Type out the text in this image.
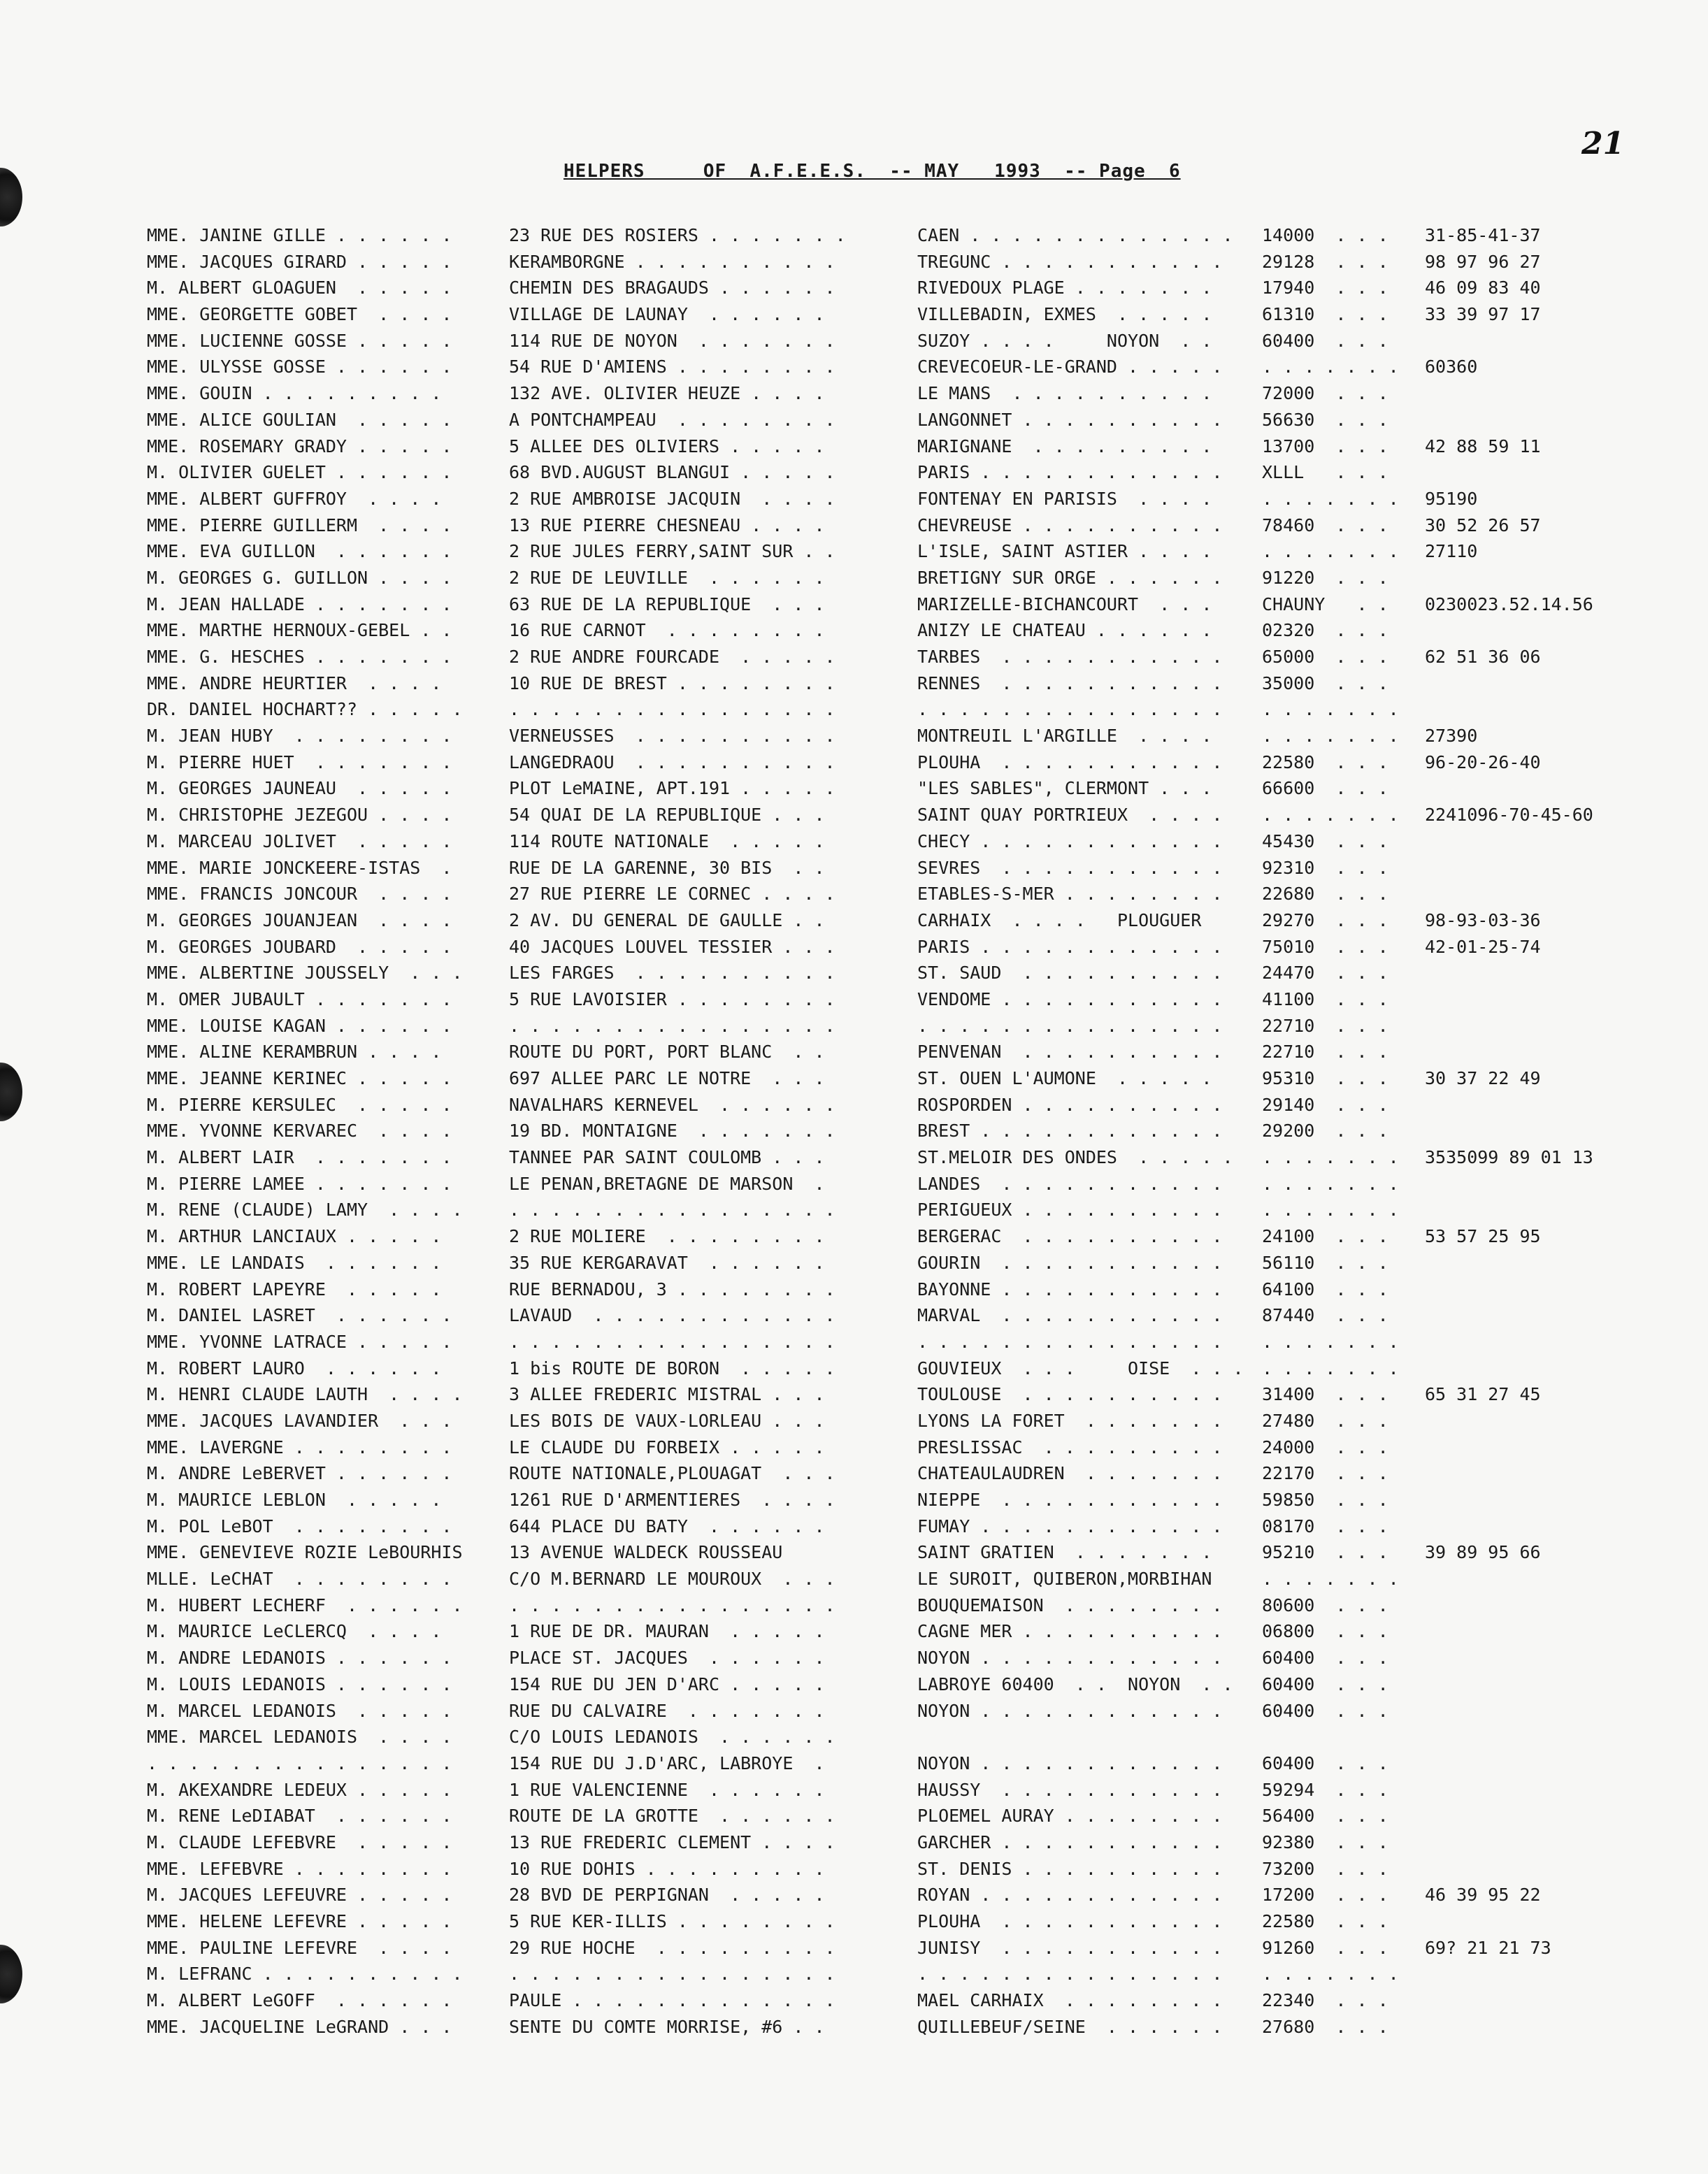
21
HELPERS     OF  A.F.E.E.S.  -- MAY   1993  -- Page  6
MME. JANINE GILLE . . . . . .	23 RUE DES ROSIERS . . . . . . .	CAEN . . . . . . . . . . . . .	14000  . . .	31-85-41-37
MME. JACQUES GIRARD . . . . .	KERAMBORGNE . . . . . . . . . .	TREGUNC . . . . . . . . . . .	29128  . . .	98 97 96 27
M. ALBERT GLOAGUEN  . . . . .	CHEMIN DES BRAGAUDS . . . . . .	RIVEDOUX PLAGE . . . . . . .	17940  . . .	46 09 83 40
MME. GEORGETTE GOBET  . . . .	VILLAGE DE LAUNAY  . . . . . .	VILLEBADIN, EXMES  . . . . .	61310  . . .	33 39 97 17
MME. LUCIENNE GOSSE . . . . .	114 RUE DE NOYON  . . . . . . .	SUZOY . . . .     NOYON  . .	60400  . . .
MME. ULYSSE GOSSE . . . . . .	54 RUE D'AMIENS . . . . . . . .	CREVECOEUR-LE-GRAND . . . . .	. . . . . . .	60360
MME. GOUIN . . . . . . . . .	132 AVE. OLIVIER HEUZE . . . .	LE MANS  . . . . . . . . . .	72000  . . .
MME. ALICE GOULIAN  . . . . .	A PONTCHAMPEAU  . . . . . . . .	LANGONNET . . . . . . . . . .	56630  . . .
MME. ROSEMARY GRADY . . . . .	5 ALLEE DES OLIVIERS . . . . .	MARIGNANE  . . . . . . . . .	13700  . . .	42 88 59 11
M. OLIVIER GUELET . . . . . .	68 BVD.AUGUST BLANGUI . . . . .	PARIS . . . . . . . . . . . .	XLLL   . . .
MME. ALBERT GUFFROY  . . . .	2 RUE AMBROISE JACQUIN  . . . .	FONTENAY EN PARISIS  . . . .	. . . . . . .	95190
MME. PIERRE GUILLERM  . . . .	13 RUE PIERRE CHESNEAU . . . .	CHEVREUSE . . . . . . . . . .	78460  . . .	30 52 26 57
MME. EVA GUILLON  . . . . . .	2 RUE JULES FERRY,SAINT SUR . .	L'ISLE, SAINT ASTIER . . . .	. . . . . . .	27110
M. GEORGES G. GUILLON . . . .	2 RUE DE LEUVILLE  . . . . . .	BRETIGNY SUR ORGE . . . . . .	91220  . . .
M. JEAN HALLADE . . . . . . .	63 RUE DE LA REPUBLIQUE  . . .	MARIZELLE-BICHANCOURT  . . .	CHAUNY   . .	0230023.52.14.56
MME. MARTHE HERNOUX-GEBEL . .	16 RUE CARNOT  . . . . . . . .	ANIZY LE CHATEAU . . . . . .	02320  . . .
MME. G. HESCHES . . . . . . .	2 RUE ANDRE FOURCADE  . . . . .	TARBES  . . . . . . . . . . .	65000  . . .	62 51 36 06
MME. ANDRE HEURTIER  . . . .	10 RUE DE BREST . . . . . . . .	RENNES  . . . . . . . . . . .	35000  . . .
DR. DANIEL HOCHART?? . . . . .	. . . . . . . . . . . . . . . .	. . . . . . . . . . . . . . .	. . . . . . .
M. JEAN HUBY  . . . . . . . .	VERNEUSSES  . . . . . . . . . .	MONTREUIL L'ARGILLE  . . . .	. . . . . . .	27390
M. PIERRE HUET  . . . . . . .	LANGEDRAOU  . . . . . . . . . .	PLOUHA  . . . . . . . . . . .	22580  . . .	96-20-26-40
M. GEORGES JAUNEAU  . . . . .	PLOT LeMAINE, APT.191 . . . . .	"LES SABLES", CLERMONT . . .	66600  . . .
M. CHRISTOPHE JEZEGOU . . . .	54 QUAI DE LA REPUBLIQUE . . .	SAINT QUAY PORTRIEUX  . . . .	. . . . . . .	2241096-70-45-60
M. MARCEAU JOLIVET  . . . . .	114 ROUTE NATIONALE  . . . . .	CHECY . . . . . . . . . . . .	45430  . . .
MME. MARIE JONCKEERE-ISTAS  .	RUE DE LA GARENNE, 30 BIS  . .	SEVRES  . . . . . . . . . . .	92310  . . .
MME. FRANCIS JONCOUR  . . . .	27 RUE PIERRE LE CORNEC . . . .	ETABLES-S-MER . . . . . . . .	22680  . . .
M. GEORGES JOUANJEAN  . . . .	2 AV. DU GENERAL DE GAULLE . .	CARHAIX  . . . .   PLOUGUER	29270  . . .	98-93-03-36
M. GEORGES JOUBARD  . . . . .	40 JACQUES LOUVEL TESSIER . . .	PARIS . . . . . . . . . . . .	75010  . . .	42-01-25-74
MME. ALBERTINE JOUSSELY  . . .	LES FARGES  . . . . . . . . . .	ST. SAUD  . . . . . . . . . .	24470  . . .
M. OMER JUBAULT . . . . . . .	5 RUE LAVOISIER . . . . . . . .	VENDOME . . . . . . . . . . .	41100  . . .
MME. LOUISE KAGAN . . . . . .	. . . . . . . . . . . . . . . .	. . . . . . . . . . . . . . .	22710  . . .
MME. ALINE KERAMBRUN . . . .	ROUTE DU PORT, PORT BLANC  . .	PENVENAN  . . . . . . . . . .	22710  . . .
MME. JEANNE KERINEC . . . . .	697 ALLEE PARC LE NOTRE  . . .	ST. OUEN L'AUMONE  . . . . .	95310  . . .	30 37 22 49
M. PIERRE KERSULEC  . . . . .	NAVALHARS KERNEVEL  . . . . . .	ROSPORDEN . . . . . . . . . .	29140  . . .
MME. YVONNE KERVAREC  . . . .	19 BD. MONTAIGNE  . . . . . . .	BREST . . . . . . . . . . . .	29200  . . .
M. ALBERT LAIR  . . . . . . .	TANNEE PAR SAINT COULOMB . . .	ST.MELOIR DES ONDES  . . . . .	. . . . . . .	3535099 89 01 13
M. PIERRE LAMEE . . . . . . .	LE PENAN,BRETAGNE DE MARSON  .	LANDES  . . . . . . . . . . .	. . . . . . .
M. RENE (CLAUDE) LAMY  . . . .	. . . . . . . . . . . . . . . .	PERIGUEUX . . . . . . . . . .	. . . . . . .
M. ARTHUR LANCIAUX . . . . .	2 RUE MOLIERE  . . . . . . . .	BERGERAC  . . . . . . . . . .	24100  . . .	53 57 25 95
MME. LE LANDAIS  . . . . . .	35 RUE KERGARAVAT  . . . . . .	GOURIN  . . . . . . . . . . .	56110  . . .
M. ROBERT LAPEYRE  . . . . .	RUE BERNADOU, 3 . . . . . . . .	BAYONNE . . . . . . . . . . .	64100  . . .
M. DANIEL LASRET  . . . . . .	LAVAUD  . . . . . . . . . . . .	MARVAL  . . . . . . . . . . .	87440  . . .
MME. YVONNE LATRACE . . . . .	. . . . . . . . . . . . . . . .	. . . . . . . . . . . . . . .	. . . . . . .
M. ROBERT LAURO  . . . . . .	1 bis ROUTE DE BORON  . . . . .	GOUVIEUX  . . .     OISE  . . .	. . . . . . .
M. HENRI CLAUDE LAUTH  . . . .	3 ALLEE FREDERIC MISTRAL . . .	TOULOUSE  . . . . . . . . . .	31400  . . .	65 31 27 45
MME. JACQUES LAVANDIER  . . .	LES BOIS DE VAUX-LORLEAU . . .	LYONS LA FORET  . . . . . . .	27480  . . .
MME. LAVERGNE . . . . . . . .	LE CLAUDE DU FORBEIX . . . . .	PRESLISSAC  . . . . . . . . .	24000  . . .
M. ANDRE LeBERVET . . . . . .	ROUTE NATIONALE,PLOUAGAT  . . .	CHATEAULAUDREN  . . . . . . .	22170  . . .
M. MAURICE LEBLON  . . . . .	1261 RUE D'ARMENTIERES  . . . .	NIEPPE  . . . . . . . . . . .	59850  . . .
M. POL LeBOT  . . . . . . . .	644 PLACE DU BATY  . . . . . .	FUMAY . . . . . . . . . . . .	08170  . . .
MME. GENEVIEVE ROZIE LeBOURHIS	13 AVENUE WALDECK ROUSSEAU	SAINT GRATIEN  . . . . . . .	95210  . . .	39 89 95 66
MLLE. LeCHAT  . . . . . . . .	C/O M.BERNARD LE MOUROUX  . . .	LE SUROIT, QUIBERON,MORBIHAN	. . . . . . .
M. HUBERT LECHERF  . . . . . .	. . . . . . . . . . . . . . . .	BOUQUEMAISON  . . . . . . . .	80600  . . .
M. MAURICE LeCLERCQ  . . . .	1 RUE DE DR. MAURAN  . . . . .	CAGNE MER . . . . . . . . . .	06800  . . .
M. ANDRE LEDANOIS . . . . . .	PLACE ST. JACQUES  . . . . . .	NOYON . . . . . . . . . . . .	60400  . . .
M. LOUIS LEDANOIS . . . . . .	154 RUE DU JEN D'ARC . . . . .	LABROYE 60400  . .  NOYON  . .	60400  . . .
M. MARCEL LEDANOIS  . . . . .	RUE DU CALVAIRE  . . . . . . .	NOYON . . . . . . . . . . . .	60400  . . .
MME. MARCEL LEDANOIS  . . . .	C/O LOUIS LEDANOIS  . . . . . .
. . . . . . . . . . . . . . .	154 RUE DU J.D'ARC, LABROYE  .	NOYON . . . . . . . . . . . .	60400  . . .
M. AKEXANDRE LEDEUX . . . . .	1 RUE VALENCIENNE  . . . . . .	HAUSSY  . . . . . . . . . . .	59294  . . .
M. RENE LeDIABAT  . . . . . .	ROUTE DE LA GROTTE  . . . . . .	PLOEMEL AURAY . . . . . . . .	56400  . . .
M. CLAUDE LEFEBVRE  . . . . .	13 RUE FREDERIC CLEMENT . . . .	GARCHER . . . . . . . . . . .	92380  . . .
MME. LEFEBVRE . . . . . . . .	10 RUE DOHIS . . . . . . . . .	ST. DENIS . . . . . . . . . .	73200  . . .
M. JACQUES LEFEUVRE . . . . .	28 BVD DE PERPIGNAN  . . . . .	ROYAN . . . . . . . . . . . .	17200  . . .	46 39 95 22
MME. HELENE LEFEVRE . . . . .	5 RUE KER-ILLIS . . . . . . . .	PLOUHA  . . . . . . . . . . .	22580  . . .
MME. PAULINE LEFEVRE  . . . .	29 RUE HOCHE  . . . . . . . . .	JUNISY  . . . . . . . . . . .	91260  . . .	69? 21 21 73
M. LEFRANC . . . . . . . . . .	. . . . . . . . . . . . . . . .	. . . . . . . . . . . . . . .	. . . . . . .
M. ALBERT LeGOFF  . . . . . .	PAULE . . . . . . . . . . . . .	MAEL CARHAIX  . . . . . . . .	22340  . . .
MME. JACQUELINE LeGRAND . . .	SENTE DU COMTE MORRISE, #6 . .	QUILLEBEUF/SEINE  . . . . . .	27680  . . .
